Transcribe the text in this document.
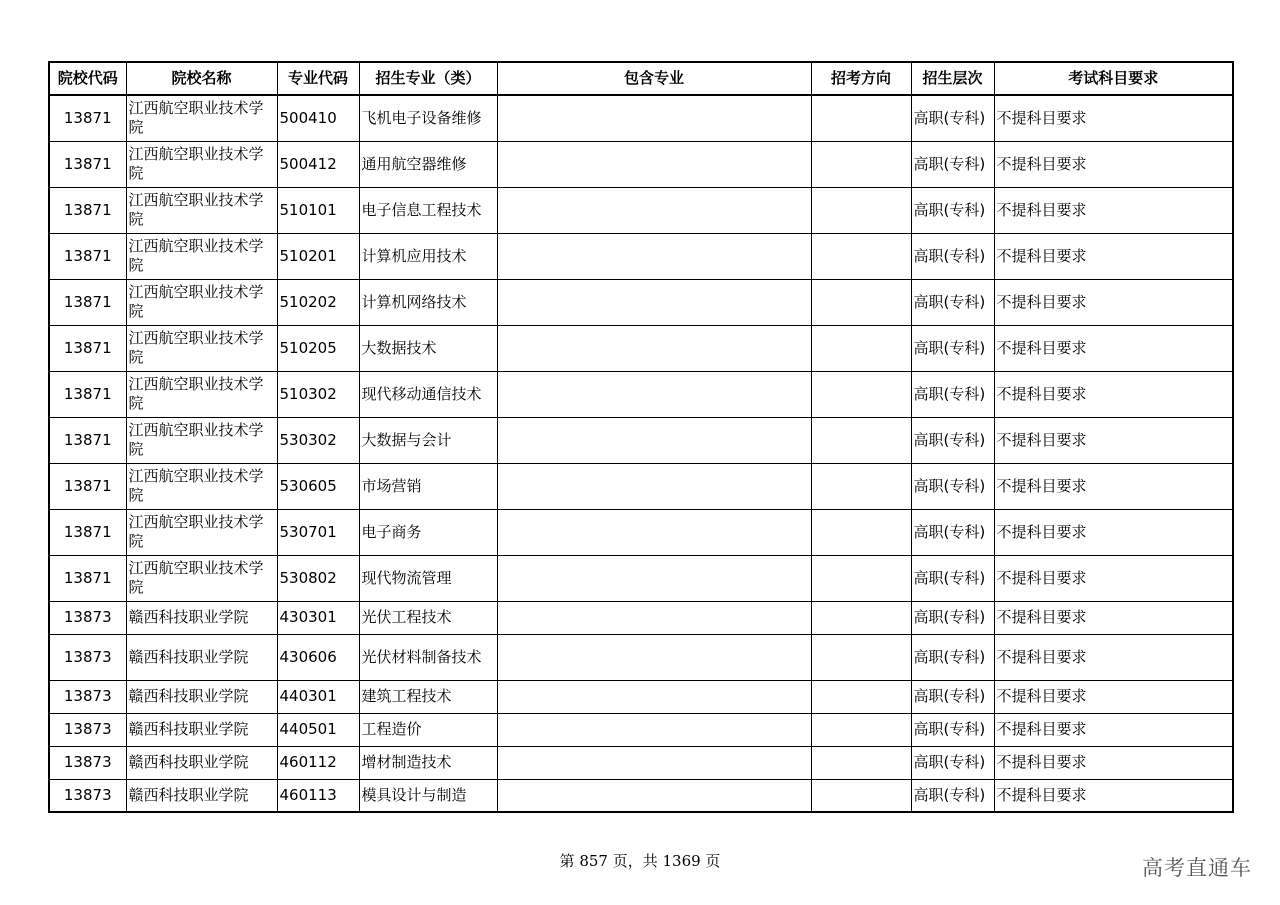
院校代码	院校名称	专业代码	招生专业（类）	包含专业	招考方向	招生层次	考试科目要求
13871	江西航空职业技术学院	500410	飞机电子设备维修			高职(专科)	不提科目要求
13871	江西航空职业技术学院	500412	通用航空器维修			高职(专科)	不提科目要求
13871	江西航空职业技术学院	510101	电子信息工程技术			高职(专科)	不提科目要求
13871	江西航空职业技术学院	510201	计算机应用技术			高职(专科)	不提科目要求
13871	江西航空职业技术学院	510202	计算机网络技术			高职(专科)	不提科目要求
13871	江西航空职业技术学院	510205	大数据技术			高职(专科)	不提科目要求
13871	江西航空职业技术学院	510302	现代移动通信技术			高职(专科)	不提科目要求
13871	江西航空职业技术学院	530302	大数据与会计			高职(专科)	不提科目要求
13871	江西航空职业技术学院	530605	市场营销			高职(专科)	不提科目要求
13871	江西航空职业技术学院	530701	电子商务			高职(专科)	不提科目要求
13871	江西航空职业技术学院	530802	现代物流管理			高职(专科)	不提科目要求
13873	赣西科技职业学院	430301	光伏工程技术			高职(专科)	不提科目要求
13873	赣西科技职业学院	430606	光伏材料制备技术			高职(专科)	不提科目要求
13873	赣西科技职业学院	440301	建筑工程技术			高职(专科)	不提科目要求
13873	赣西科技职业学院	440501	工程造价			高职(专科)	不提科目要求
13873	赣西科技职业学院	460112	增材制造技术			高职(专科)	不提科目要求
13873	赣西科技职业学院	460113	模具设计与制造			高职(专科)	不提科目要求
第 857 页，共 1369 页	高考直通车
